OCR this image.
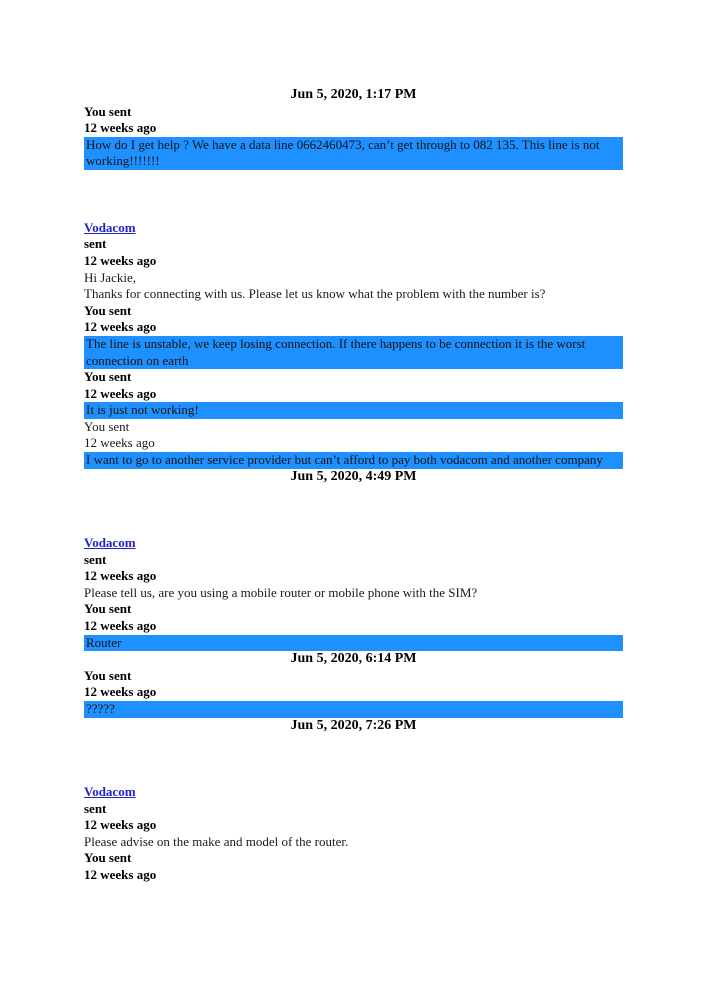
Jun 5, 2020, 1:17 PM
You sent
12 weeks ago
How do I get help ? We have a data line 0662460473, can’t get through to 082 135. This line is not working!!!!!!!
Vodacom
sent
12 weeks ago
Hi Jackie,
Thanks for connecting with us. Please let us know what the problem with the number is?
You sent
12 weeks ago
The line is unstable, we keep losing connection. If there happens to be connection it is the worst connection on earth
You sent
12 weeks ago
It is just not working!
You sent
12 weeks ago
I want to go to another service provider but can’t afford to pay both vodacom and another company
Jun 5, 2020, 4:49 PM
Vodacom
sent
12 weeks ago
Please tell us, are you using a mobile router or mobile phone with the SIM?
You sent
12 weeks ago
Router
Jun 5, 2020, 6:14 PM
You sent
12 weeks ago
?????
Jun 5, 2020, 7:26 PM
Vodacom
sent
12 weeks ago
Please advise on the make and model of the router.
You sent
12 weeks ago
